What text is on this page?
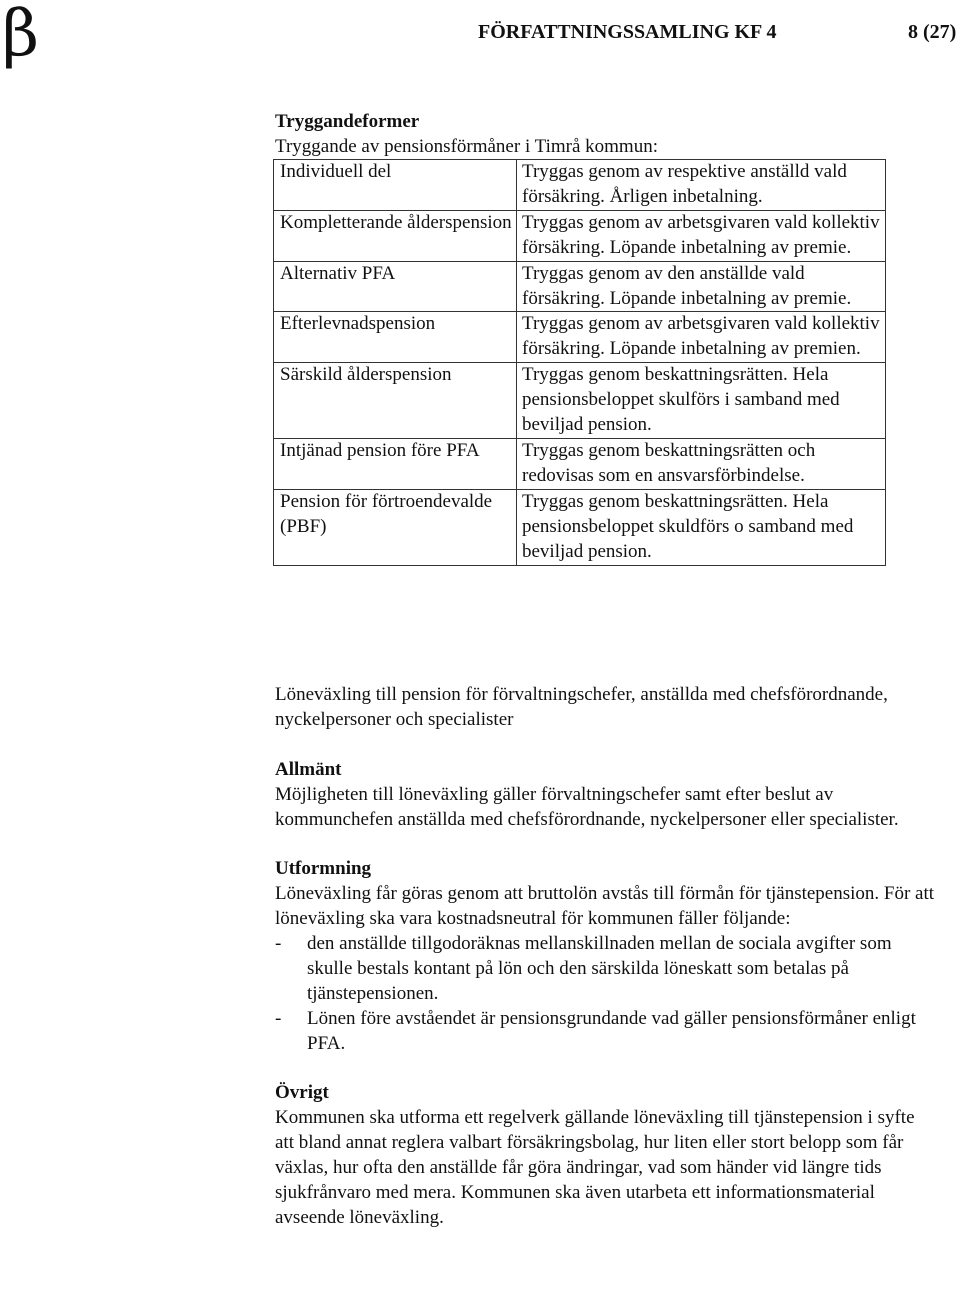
β	FÖRFATTNINGSSAMLING KF 4	8 (27)
Tryggandeformer
Tryggande av pensionsförmåner i Timrå kommun:
Individuell del	Tryggas genom av respektive anställd vald försäkring. Årligen inbetalning.
Kompletterande ålderspension	Tryggas genom av arbetsgivaren vald kollektiv försäkring. Löpande inbetalning av premie.
Alternativ PFA	Tryggas genom av den anställde vald försäkring. Löpande inbetalning av premie.
Efterlevnadspension	Tryggas genom av arbetsgivaren vald kollektiv försäkring. Löpande inbetalning av premien.
Särskild ålderspension	Tryggas genom beskattningsrätten. Hela pensionsbeloppet skulförs i samband med beviljad pension.
Intjänad pension före PFA	Tryggas genom beskattningsrätten och redovisas som en ansvarsförbindelse.
Pension för förtroendevalde (PBF)	Tryggas genom beskattningsrätten. Hela pensionsbeloppet skuldförs o samband med beviljad pension.

Löneväxling till pension för förvaltningschefer, anställda med chefsförordnande, nyckelpersoner och specialister

Allmänt

Möjligheten till löneväxling gäller förvaltningschefer samt efter beslut av kommunchefen anställda med chefsförordnande, nyckelpersoner eller specialister.

Utformning

Löneväxling får göras genom att bruttolön avstås till förmån för tjänstepension. För att löneväxling ska vara kostnadsneutral för kommunen fäller följande:

-	den anställde tillgodoräknas mellanskillnaden mellan de sociala avgifter som skulle bestals kontant på lön och den särskilda löneskatt som betalas på tjänstepensionen.
-	Lönen före avståendet är pensionsgrundande vad gäller pensionsförmåner enligt PFA.

Övrigt

Kommunen ska utforma ett regelverk gällande löneväxling till tjänstepension i syfte att bland annat reglera valbart försäkringsbolag, hur liten eller stort belopp som får växlas, hur ofta den anställde får göra ändringar, vad som händer vid längre tids sjukfrånvaro med mera. Kommunen ska även utarbeta ett informationsmaterial avseende löneväxling.
